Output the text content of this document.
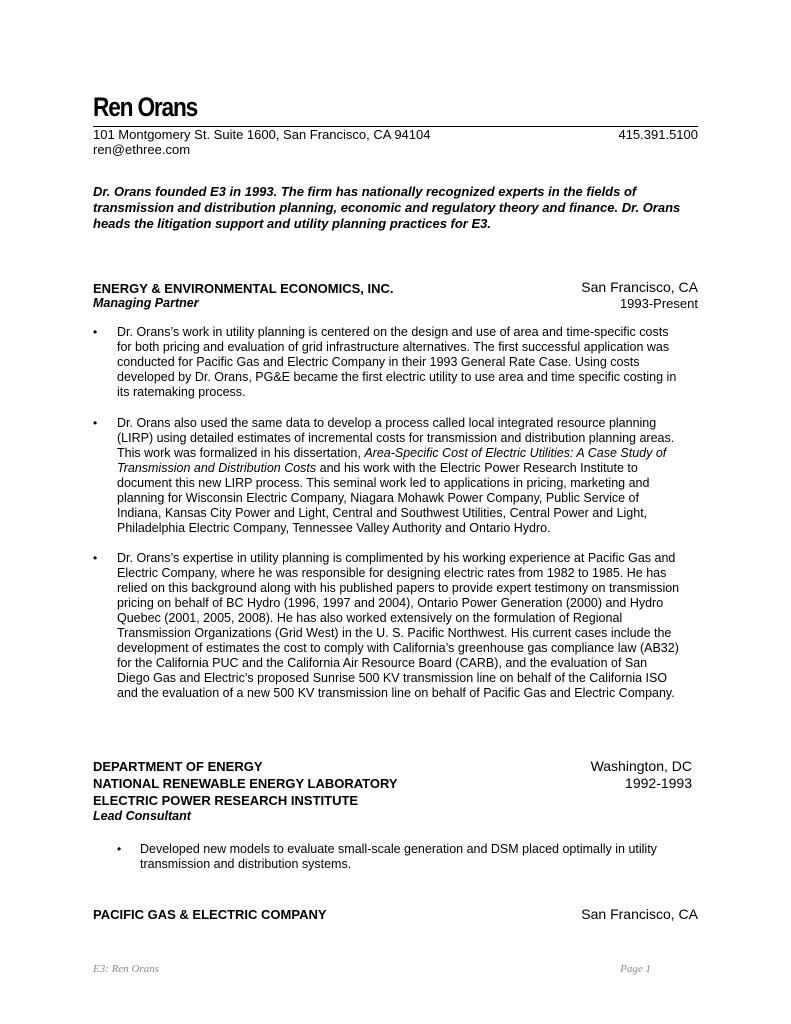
Ren Orans
101 Montgomery St. Suite 1600, San Francisco, CA 94104	415.391.5100
ren@ethree.com
Dr. Orans founded E3 in 1993. The firm has nationally recognized experts in the fields of
transmission and distribution planning, economic and regulatory theory and finance. Dr. Orans
heads the litigation support and utility planning practices for E3.
ENERGY & ENVIRONMENTAL ECONOMICS, INC.	San Francisco, CA
Managing Partner	1993-Present
• Dr. Orans’s work in utility planning is centered on the design and use of area and time-specific costs
for both pricing and evaluation of grid infrastructure alternatives. The first successful application was
conducted for Pacific Gas and Electric Company in their 1993 General Rate Case. Using costs
developed by Dr. Orans, PG&E became the first electric utility to use area and time specific costing in
its ratemaking process.
• Dr. Orans also used the same data to develop a process called local integrated resource planning
(LIRP) using detailed estimates of incremental costs for transmission and distribution planning areas.
This work was formalized in his dissertation, Area-Specific Cost of Electric Utilities: A Case Study of
Transmission and Distribution Costs and his work with the Electric Power Research Institute to
document this new LIRP process. This seminal work led to applications in pricing, marketing and
planning for Wisconsin Electric Company, Niagara Mohawk Power Company, Public Service of
Indiana, Kansas City Power and Light, Central and Southwest Utilities, Central Power and Light,
Philadelphia Electric Company, Tennessee Valley Authority and Ontario Hydro.
• Dr. Orans’s expertise in utility planning is complimented by his working experience at Pacific Gas and
Electric Company, where he was responsible for designing electric rates from 1982 to 1985. He has
relied on this background along with his published papers to provide expert testimony on transmission
pricing on behalf of BC Hydro (1996, 1997 and 2004), Ontario Power Generation (2000) and Hydro
Quebec (2001, 2005, 2008). He has also worked extensively on the formulation of Regional
Transmission Organizations (Grid West) in the U. S. Pacific Northwest. His current cases include the
development of estimates the cost to comply with California’s greenhouse gas compliance law (AB32)
for the California PUC and the California Air Resource Board (CARB), and the evaluation of San
Diego Gas and Electric’s proposed Sunrise 500 KV transmission line on behalf of the California ISO
and the evaluation of a new 500 KV transmission line on behalf of Pacific Gas and Electric Company.
DEPARTMENT OF ENERGY	Washington, DC
NATIONAL RENEWABLE ENERGY LABORATORY	1992-1993
ELECTRIC POWER RESEARCH INSTITUTE
Lead Consultant
• Developed new models to evaluate small-scale generation and DSM placed optimally in utility
transmission and distribution systems.
PACIFIC GAS & ELECTRIC COMPANY	San Francisco, CA
E3: Ren Orans	Page 1
